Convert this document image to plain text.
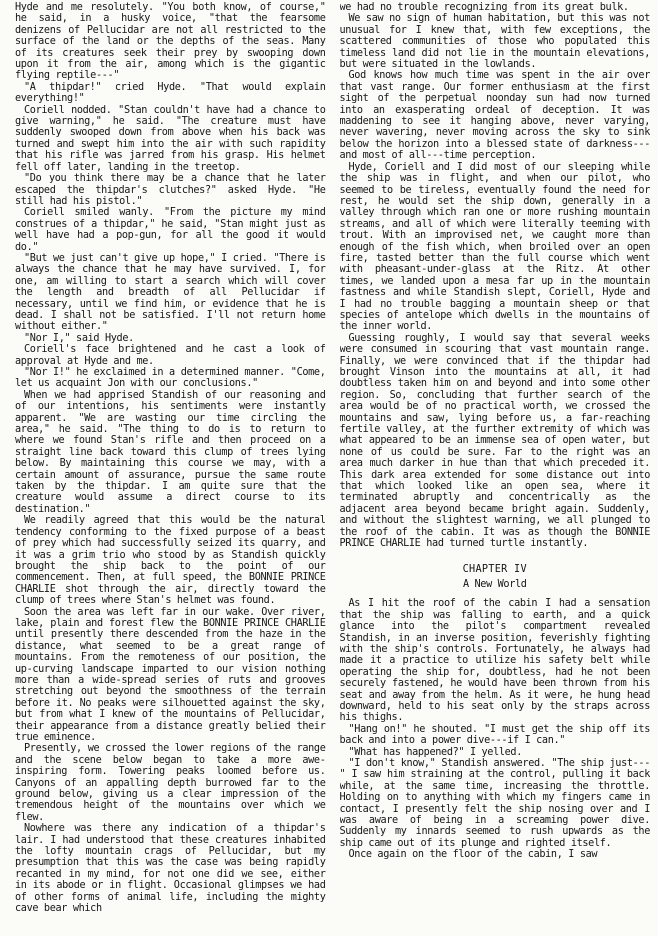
Hyde and me resolutely. "You both know, of course," he said, in a husky voice, "that the fearsome denizens of Pellucidar are not all restricted to the surface of the land or the depths of the seas. Many of its creatures seek their prey by swooping down upon it from the air, among which is the gigantic flying reptile---"

"A thipdar!" cried Hyde. "That would explain everything!"

Coriell nodded. "Stan couldn't have had a chance to give warning," he said. "The creature must have suddenly swooped down from above when his back was turned and swept him into the air with such rapidity that his rifle was jarred from his grasp. His helmet fell off later, landing in the treetop.

"Do you think there may be a chance that he later escaped the thipdar's clutches?" asked Hyde. "He still had his pistol."

Coriell smiled wanly. "From the picture my mind construes of a thipdar," he said, "Stan might just as well have had a pop-gun, for all the good it would do."

"But we just can't give up hope," I cried. "There is always the chance that he may have survived. I, for one, am willing to start a search which will cover the length and breadth of all Pellucidar if necessary, until we find him, or evidence that he is dead. I shall not be satisfied. I'll not return home without either."

"Nor I," said Hyde.

Coriell's face brightened and he cast a look of approval at Hyde and me.

"Nor I!" he exclaimed in a determined manner. "Come, let us acquaint Jon with our conclusions."

When we had apprised Standish of our reasoning and of our intentions, his sentiments were instantly apparent. "We are wasting our time circling the area," he said. "The thing to do is to return to where we found Stan's rifle and then proceed on a straight line back toward this clump of trees lying below. By maintaining this course we may, with a certain amount of assurance, pursue the same route taken by the thipdar. I am quite sure that the creature would assume a direct course to its destination."

We readily agreed that this would be the natural tendency conforming to the fixed purpose of a beast of prey which had successfully seized its quarry, and it was a grim trio who stood by as Standish quickly brought the ship back to the point of our commencement. Then, at full speed, the BONNIE PRINCE CHARLIE shot through the air, directly toward the clump of trees where Stan's helmet was found.

Soon the area was left far in our wake. Over river, lake, plain and forest flew the BONNIE PRINCE CHARLIE until presently there descended from the haze in the distance, what seemed to be a great range of mountains. From the remoteness of our position, the up-curving landscape imparted to our vision nothing more than a wide-spread series of ruts and grooves stretching out beyond the smoothness of the terrain before it. No peaks were silhouetted against the sky, but from what I knew of the mountains of Pellucidar, their appearance from a distance greatly belied their true eminence.

Presently, we crossed the lower regions of the range and the scene below began to take a more awe-inspiring form. Towering peaks loomed before us. Canyons of an appalling depth burrowed far to the ground below, giving us a clear impression of the tremendous height of the mountains over which we flew.

Nowhere was there any indication of a thipdar's lair. I had understood that these creatures inhabited the lofty mountain crags of Pellucidar, but my presumption that this was the case was being rapidly recanted in my mind, for not one did we see, either in its abode or in flight. Occasional glimpses we had of other forms of animal life, including the mighty cave bear which

we had no trouble recognizing from its great bulk.

We saw no sign of human habitation, but this was not unusual for I knew that, with few exceptions, the scattered communities of those who populated this timeless land did not lie in the mountain elevations, but were situated in the lowlands.

God knows how much time was spent in the air over that vast range. Our former enthusiasm at the first sight of the perpetual noonday sun had now turned into an exasperating ordeal of deception. It was maddening to see it hanging above, never varying, never wavering, never moving across the sky to sink below the horizon into a blessed state of darkness---and most of all---time perception.

Hyde, Coriell and I did most of our sleeping while the ship was in flight, and when our pilot, who seemed to be tireless, eventually found the need for rest, he would set the ship down, generally in a valley through which ran one or more rushing mountain streams, and all of which were literally teeming with trout. With an improvised net, we caught more than enough of the fish which, when broiled over an open fire, tasted better than the full course which went with pheasant-under-glass at the Ritz. At other times, we landed upon a mesa far up in the mountain fastness and while Standish slept, Coriell, Hyde and I had no trouble bagging a mountain sheep or that species of antelope which dwells in the mountains of the inner world.

Guessing roughly, I would say that several weeks were consumed in scouring that vast mountain range. Finally, we were convinced that if the thipdar had brought Vinson into the mountains at all, it had doubtless taken him on and beyond and into some other region. So, concluding that further search of the area would be of no practical worth, we crossed the mountains and saw, lying before us, a far-reaching fertile valley, at the further extremity of which was what appeared to be an immense sea of open water, but none of us could be sure. Far to the right was an area much darker in hue than that which preceded it. This dark area extended for some distance out into that which looked like an open sea, where it terminated abruptly and concentrically as the adjacent area beyond became bright again. Suddenly, and without the slightest warning, we all plunged to the roof of the cabin. It was as though the BONNIE PRINCE CHARLIE had turned turtle instantly.

CHAPTER IV
A New World

As I hit the roof of the cabin I had a sensation that the ship was falling to earth, and a quick glance into the pilot's compartment revealed Standish, in an inverse position, feverishly fighting with the ship's controls. Fortunately, he always had made it a practice to utilize his safety belt while operating the ship for, doubtless, had he not been securely fastened, he would have been thrown from his seat and away from the helm. As it were, he hung head downward, held to his seat only by the straps across his thighs.

"Hang on!" he shouted. "I must get the ship off its back and into a power dive---if I can."

"What has happened?" I yelled.

"I don't know," Standish answered. "The ship just---" I saw him straining at the control, pulling it back while, at the same time, increasing the throttle. Holding on to anything with which my fingers came in contact, I presently felt the ship nosing over and I was aware of being in a screaming power dive. Suddenly my innards seemed to rush upwards as the ship came out of its plunge and righted itself.

Once again on the floor of the cabin, I saw
